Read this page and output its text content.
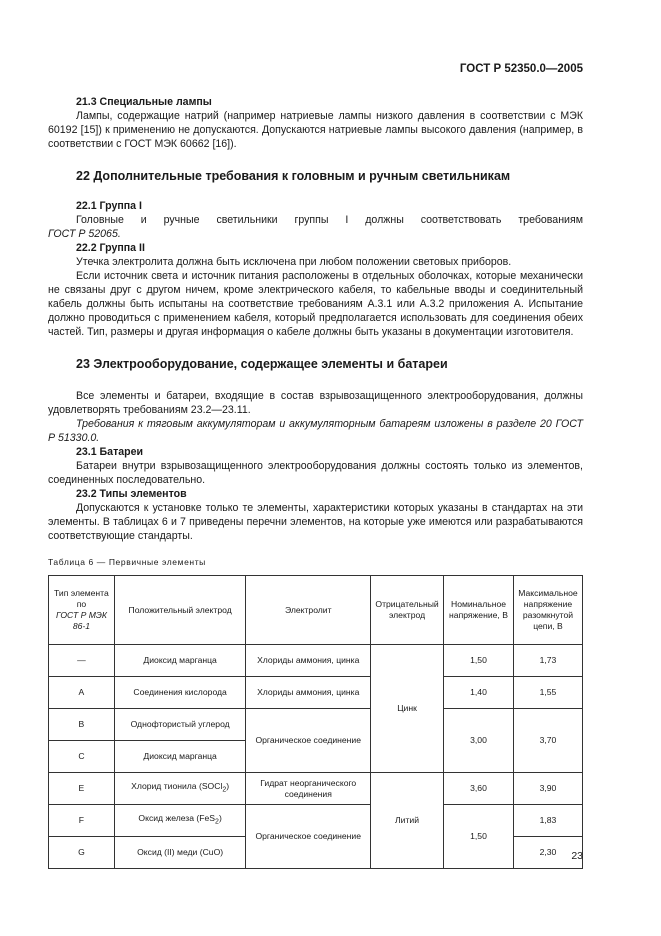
ГОСТ Р 52350.0—2005

21.3 Специальные лампы

Лампы, содержащие натрий (например натриевые лампы низкого давления в соответствии с МЭК 60192 [15]) к применению не допускаются. Допускаются натриевые лампы высокого давления (например, в соответствии с ГОСТ МЭК 60662 [16]).

22 Дополнительные требования к головным и ручным светильникам

22.1 Группа I

Головные и ручные светильники группы I должны соответствовать требованиям

ГОСТ Р 52065.

22.2 Группа II

Утечка электролита должна быть исключена при любом положении световых приборов.

Если источник света и источник питания расположены в отдельных оболочках, которые механически не связаны друг с другом ничем, кроме электрического кабеля, то кабельные вводы и соединительный кабель должны быть испытаны на соответствие требованиям А.3.1 или А.3.2 приложения А. Испытание должно проводиться с применением кабеля, который предполагается использовать для соединения обеих частей. Тип, размеры и другая информация о кабеле должны быть указаны в документации изготовителя.

23 Электрооборудование, содержащее элементы и батареи

Все элементы и батареи, входящие в состав взрывозащищенного электрооборудования, должны удовлетворять требованиям 23.2—23.11.

Требования к тяговым аккумуляторам и аккумуляторным батареям изложены в разделе 20 ГОСТ Р 51330.0.

23.1 Батареи

Батареи внутри взрывозащищенного электрооборудования должны состоять только из элементов, соединенных последовательно.

23.2 Типы элементов

Допускаются к установке только те элементы, характеристики которых указаны в стандартах на эти элементы. В таблицах 6 и 7 приведены перечни элементов, на которые уже имеются или разрабатываются соответствующие стандарты.

Таблица 6 — Первичные элементы
Тип элемента по
ГОСТ Р МЭК 86-1	Положительный электрод	Электролит	Отрицательный электрод	Номинальное напряжение, В	Максимальное напряжение разомкнутой цепи, В
—	Диоксид марганца	Хлориды аммония, цинка	Цинк	1,50	1,73
A	Соединения кислорода	Хлориды аммония, цинка		1,40	1,55
B	Однофтористый углерод	Органическое соединение		3,00	3,70
C	Диоксид марганца				
E	Хлорид тионила (SOCl$_2$)	Гидрат неорганического соединения	Литий	3,60	3,90
F	Оксид железа (FeS$_2$)	Органическое соединение		1,50	1,83
G	Оксид (II) меди (CuO)				2,30 23
